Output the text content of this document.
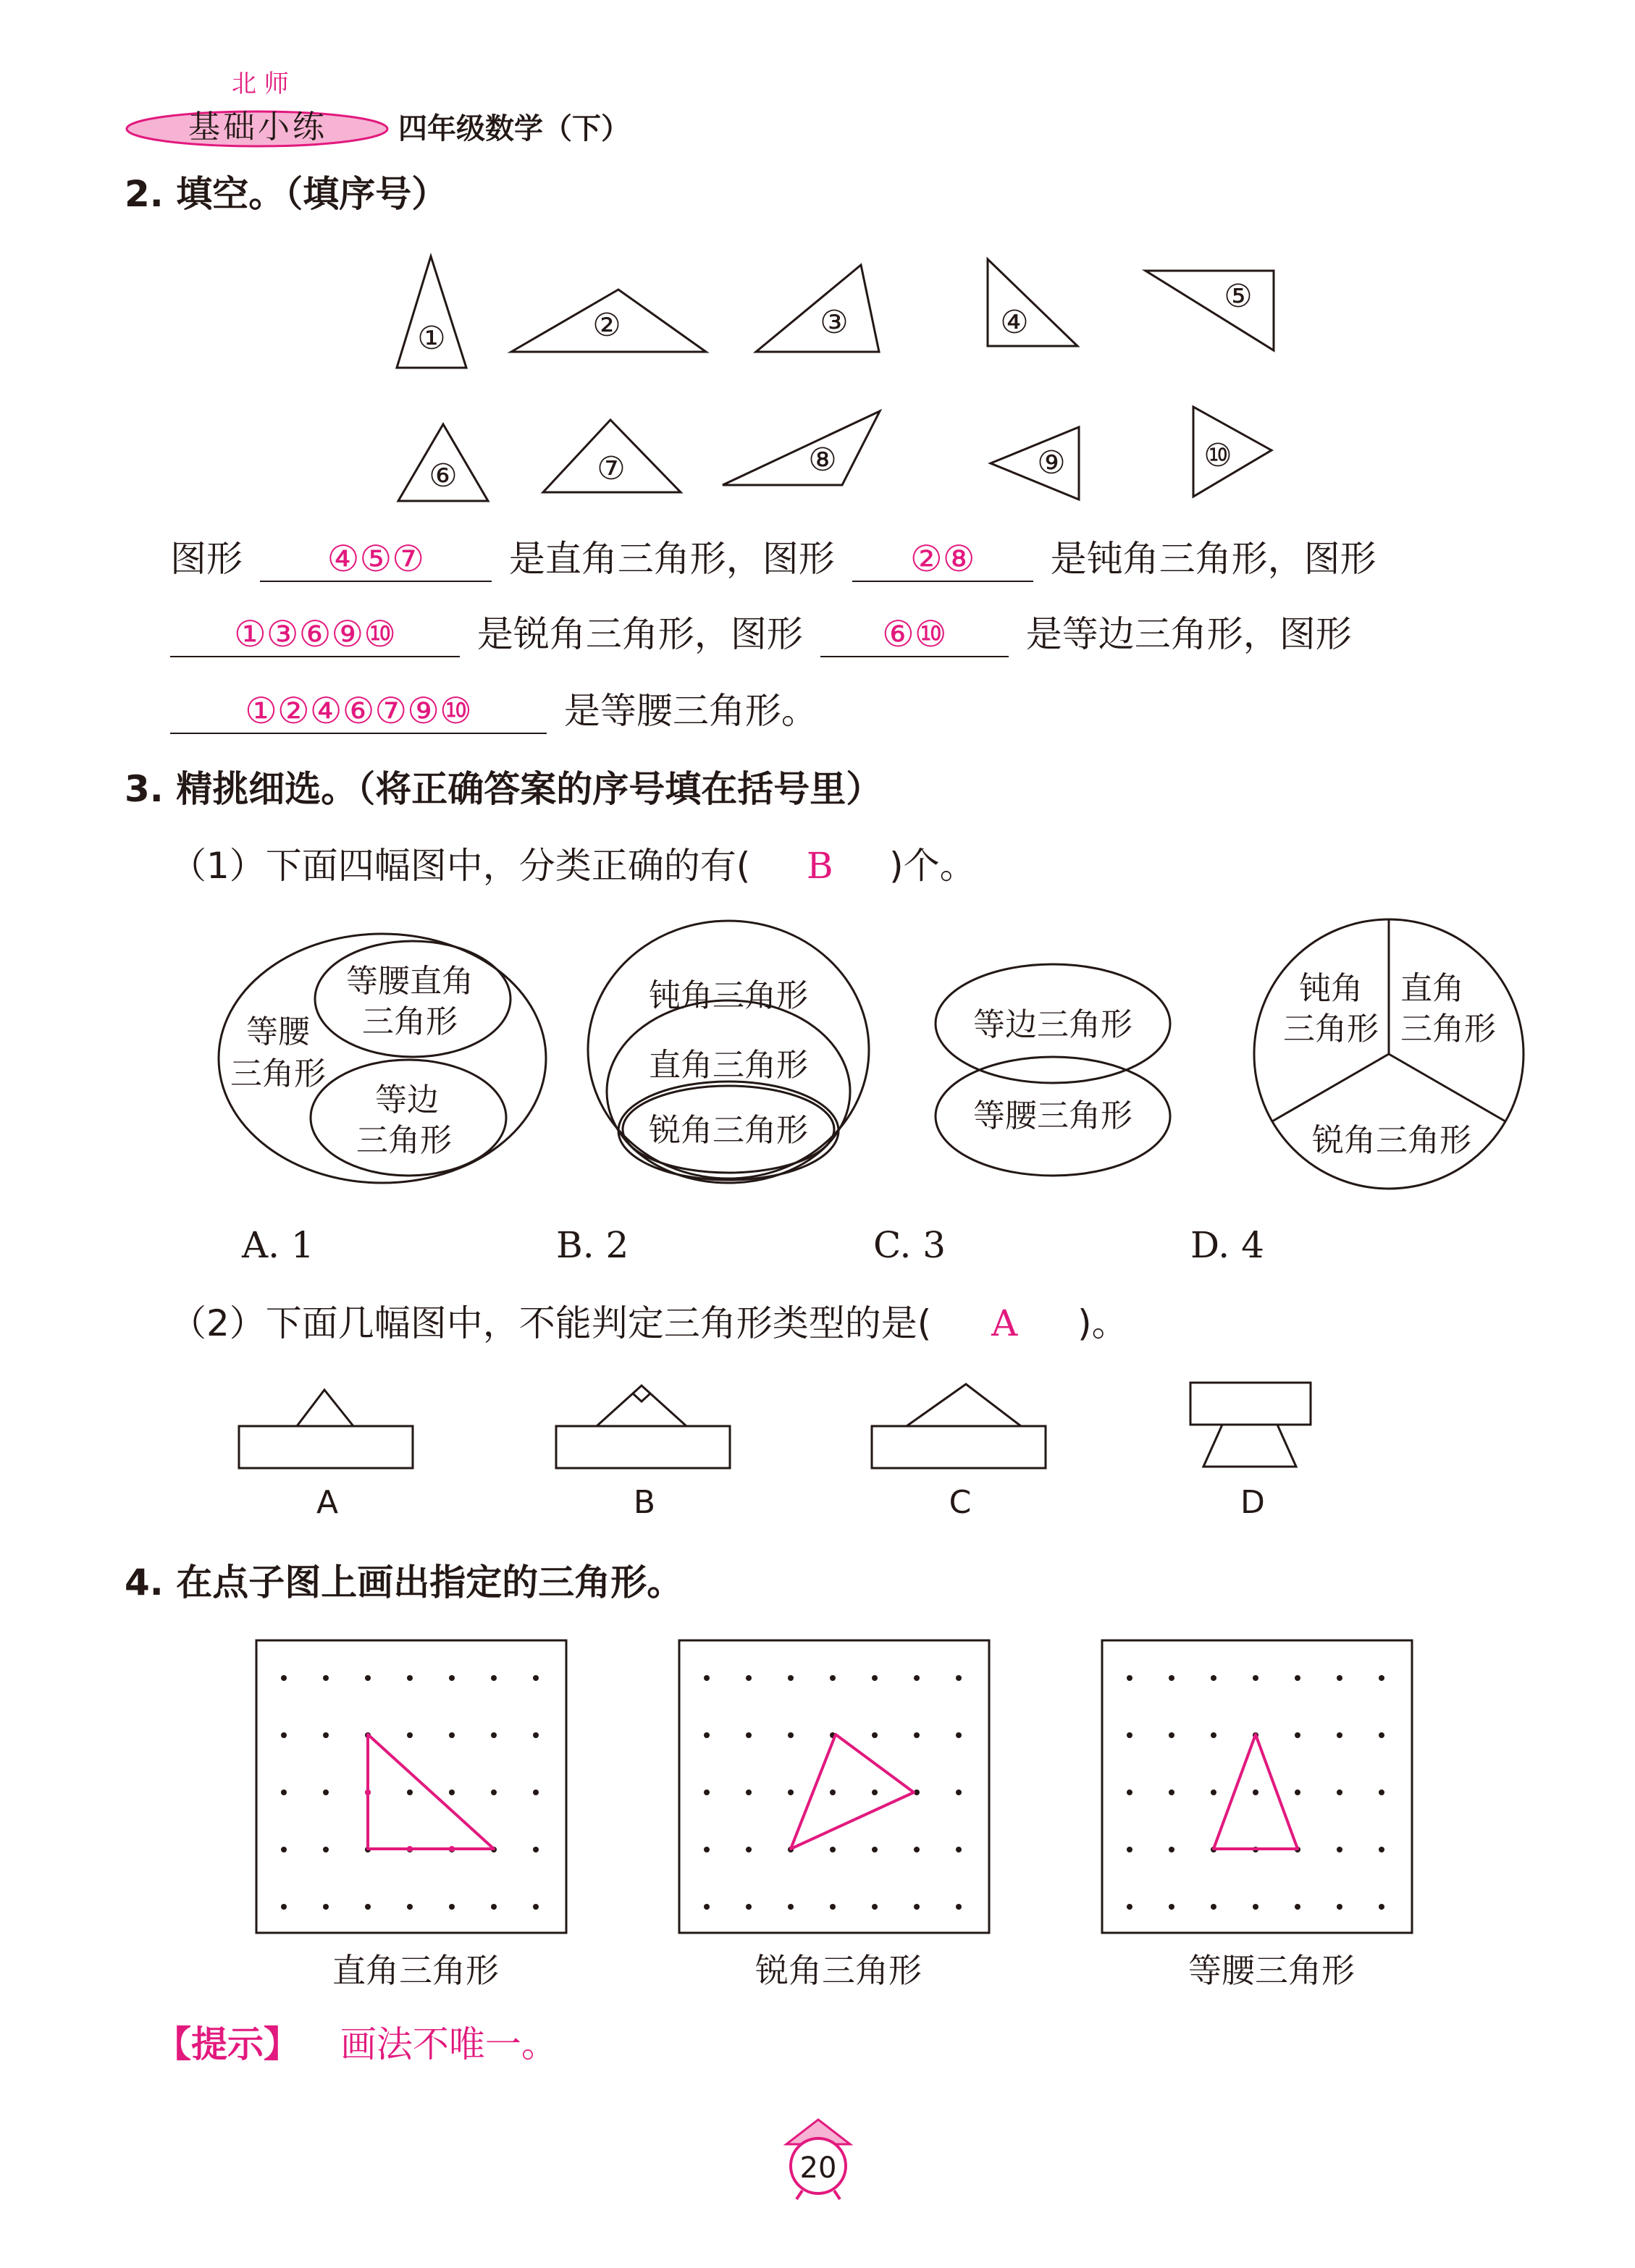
北 师
基础小练 四年级数学（下）
2. 填空。（填序号）
①	②	③	④
⑤
⑥	⑦	⑧	⑨	⑩
图形 ④⑤⑦ 是直角三角形，图形 ②⑧ 是钝角三角形，图形
①③⑥⑨⑩ 是锐角三角形，图形 ⑥⑩ 是等边三角形，图形
①②④⑥⑦⑨⑩	是等腰三角形。
3. 精挑细选。（将正确答案的序号填在括号里）
（1）下面四幅图中，分类正确的有( B )个。
等腰
三角形
等腰直角
三角形
等边
三角形
钝角三角形
直角三角形
锐角三角形
等边三角形
等腰三角形
钝角
三角形
直角
三角形
锐角三角形
A. 1	B. 2	C. 3	D. 4
（2）下面几幅图中，不能判定三角形类型的是( A )。
A	B	C	D
4. 在点子图上画出指定的三角形。
直角三角形	锐角三角形	等腰三角形
【提示】 画法不唯一。
20
